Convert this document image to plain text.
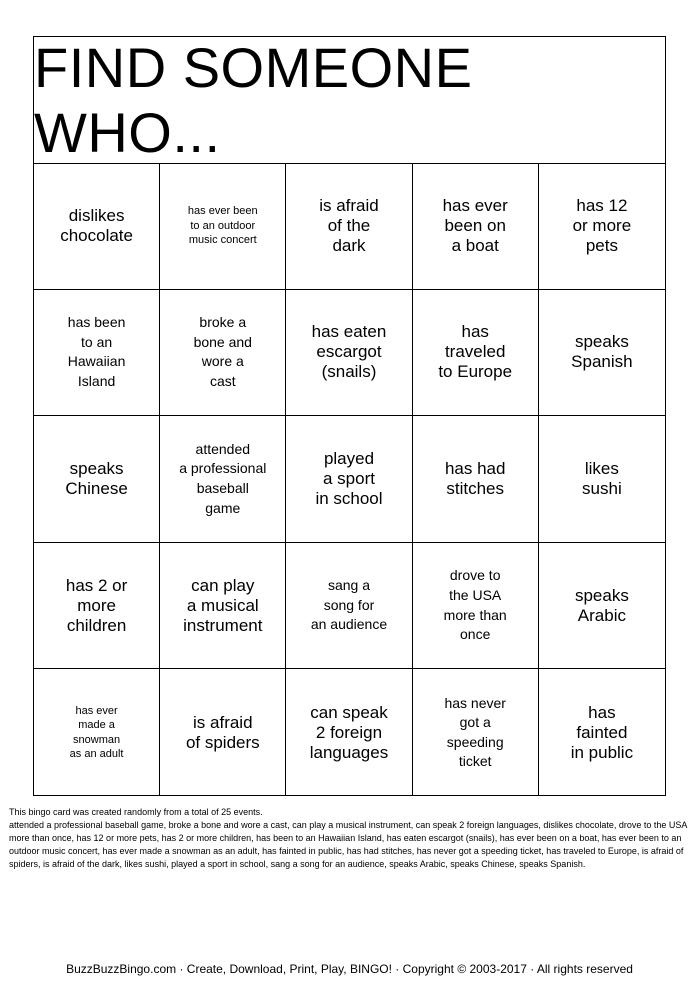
FIND SOMEONE WHO...
dislikes
chocolate
has ever been
to an outdoor
music concert
is afraid
of the
dark
has ever
been on
a boat
has 12
or more
pets
has been
to an
Hawaiian
Island
broke a
bone and
wore a
cast
has eaten
escargot
(snails)
has
traveled
to Europe
speaks
Spanish
speaks
Chinese
attended
a professional
baseball
game
played
a sport
in school
has had
stitches
likes
sushi
has 2 or
more
children
can play
a musical
instrument
sang a
song for
an audience
drove to
the USA
more than
once
speaks
Arabic
has ever
made a
snowman
as an adult
is afraid
of spiders
can speak
2 foreign
languages
has never
got a
speeding
ticket
has
fainted
in public

This bingo card was created randomly from a total of 25 events.

attended a professional baseball game, broke a bone and wore a cast, can play a musical instrument, can speak 2 foreign languages, dislikes chocolate, drove to the USA more than once, has 12 or more pets, has 2 or more children, has been to an Hawaiian Island, has eaten escargot (snails), has ever been on a boat, has ever been to an outdoor music concert, has ever made a snowman as an adult, has fainted in public, has had stitches, has never got a speeding ticket, has traveled to Europe, is afraid of spiders, is afraid of the dark, likes sushi, played a sport in school, sang a song for an audience, speaks Arabic, speaks Chinese, speaks Spanish.

BuzzBuzzBingo.com · Create, Download, Print, Play, BINGO! · Copyright © 2003-2017 · All rights reserved
